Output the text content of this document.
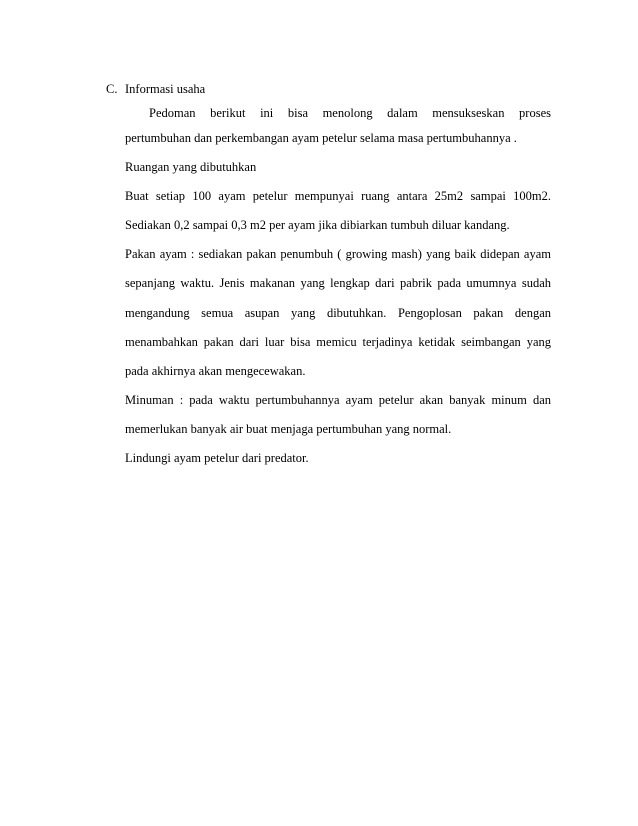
C. Informasi usaha
Pedoman berikut ini bisa menolong dalam mensukseskan proses
pertumbuhan dan perkembangan ayam petelur selama masa pertumbuhannya .
Ruangan yang dibutuhkan
Buat setiap 100 ayam petelur mempunyai ruang antara 25m2 sampai 100m2.
Sediakan 0,2 sampai 0,3 m2 per ayam jika dibiarkan tumbuh diluar kandang.
Pakan ayam : sediakan pakan penumbuh ( growing mash) yang baik didepan ayam
sepanjang waktu. Jenis makanan yang lengkap dari pabrik pada umumnya sudah
mengandung semua asupan yang dibutuhkan. Pengoplosan pakan dengan
menambahkan pakan dari luar bisa memicu terjadinya ketidak seimbangan yang
pada akhirnya akan mengecewakan.
Minuman : pada waktu pertumbuhannya ayam petelur akan banyak minum dan
memerlukan banyak air buat menjaga pertumbuhan yang normal.
Lindungi ayam petelur dari predator.
